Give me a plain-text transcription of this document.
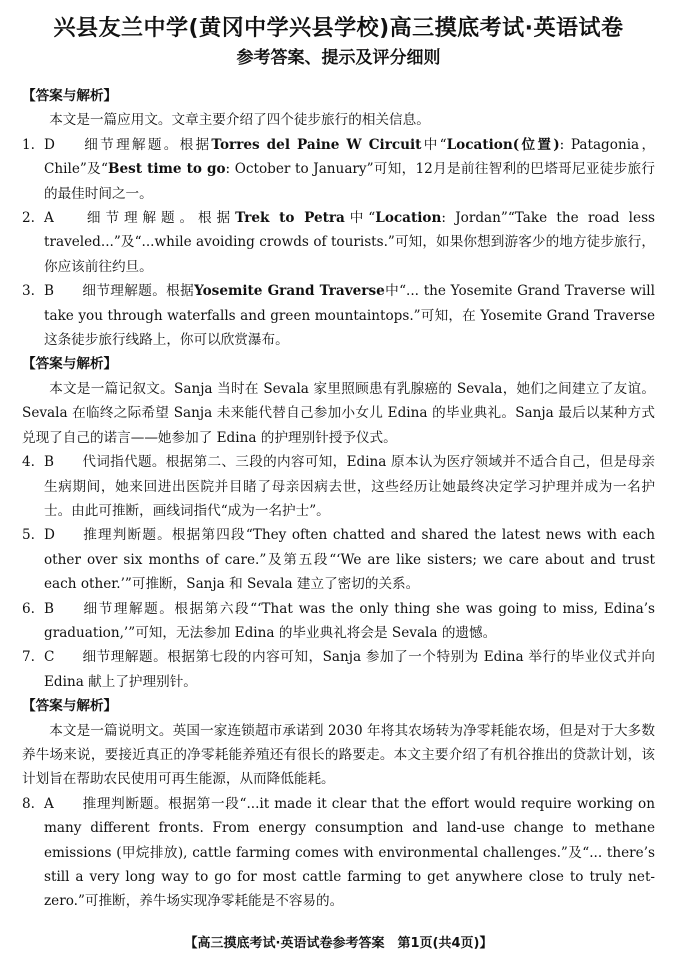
兴县友兰中学(黄冈中学兴县学校)高三摸底考试·英语试卷
参考答案、提示及评分细则

【答案与解析】

本文是一篇应用文。文章主要介绍了四个徒步旅行的相关信息。

1. D 细节理解题。根据Torres del Paine W Circuit中“Location(位置): Patagonia，Chile”及“Best time to go: October to January”可知，12月是前往智利的巴塔哥尼亚徒步旅行的最佳时间之一。

2. A 细节理解题。根据Trek to Petra中“Location: Jordan”“Take the road less traveled...”及“...while avoiding crowds of tourists.”可知，如果你想到游客少的地方徒步旅行，你应该前往约旦。

3. B 细节理解题。根据Yosemite Grand Traverse中“... the Yosemite Grand Traverse will take you through waterfalls and green mountaintops.”可知，在 Yosemite Grand Traverse 这条徒步旅行线路上，你可以欣赏瀑布。

【答案与解析】

本文是一篇记叙文。Sanja 当时在 Sevala 家里照顾患有乳腺癌的 Sevala，她们之间建立了友谊。Sevala 在临终之际希望 Sanja 未来能代替自己参加小女儿 Edina 的毕业典礼。Sanja 最后以某种方式兑现了自己的诺言——她参加了 Edina 的护理别针授予仪式。

4. B 代词指代题。根据第二、三段的内容可知，Edina 原本认为医疗领域并不适合自己，但是母亲生病期间，她来回进出医院并目睹了母亲因病去世，这些经历让她最终决定学习护理并成为一名护士。由此可推断，画线词指代“成为一名护士”。

5. D 推理判断题。根据第四段“They often chatted and shared the latest news with each other over six months of care.”及第五段“‘We are like sisters; we care about and trust each other.’”可推断，Sanja 和 Sevala 建立了密切的关系。

6. B 细节理解题。根据第六段“‘That was the only thing she was going to miss, Edina’s graduation,’”可知，无法参加 Edina 的毕业典礼将会是 Sevala 的遗憾。

7. C 细节理解题。根据第七段的内容可知，Sanja 参加了一个特别为 Edina 举行的毕业仪式并向 Edina 献上了护理别针。

【答案与解析】

本文是一篇说明文。英国一家连锁超市承诺到 2030 年将其农场转为净零耗能农场，但是对于大多数养牛场来说，要接近真正的净零耗能养殖还有很长的路要走。本文主要介绍了有机谷推出的贷款计划，该计划旨在帮助农民使用可再生能源，从而降低能耗。

8. A 推理判断题。根据第一段“...it made it clear that the effort would require working on many different fronts. From energy consumption and land-use change to methane emissions (甲烷排放), cattle farming comes with environmental challenges.”及“... there’s still a very long way to go for most cattle farming to get anywhere close to truly net-zero.”可推断，养牛场实现净零耗能是不容易的。

【高三摸底考试·英语试卷参考答案　第1页(共4页)】
